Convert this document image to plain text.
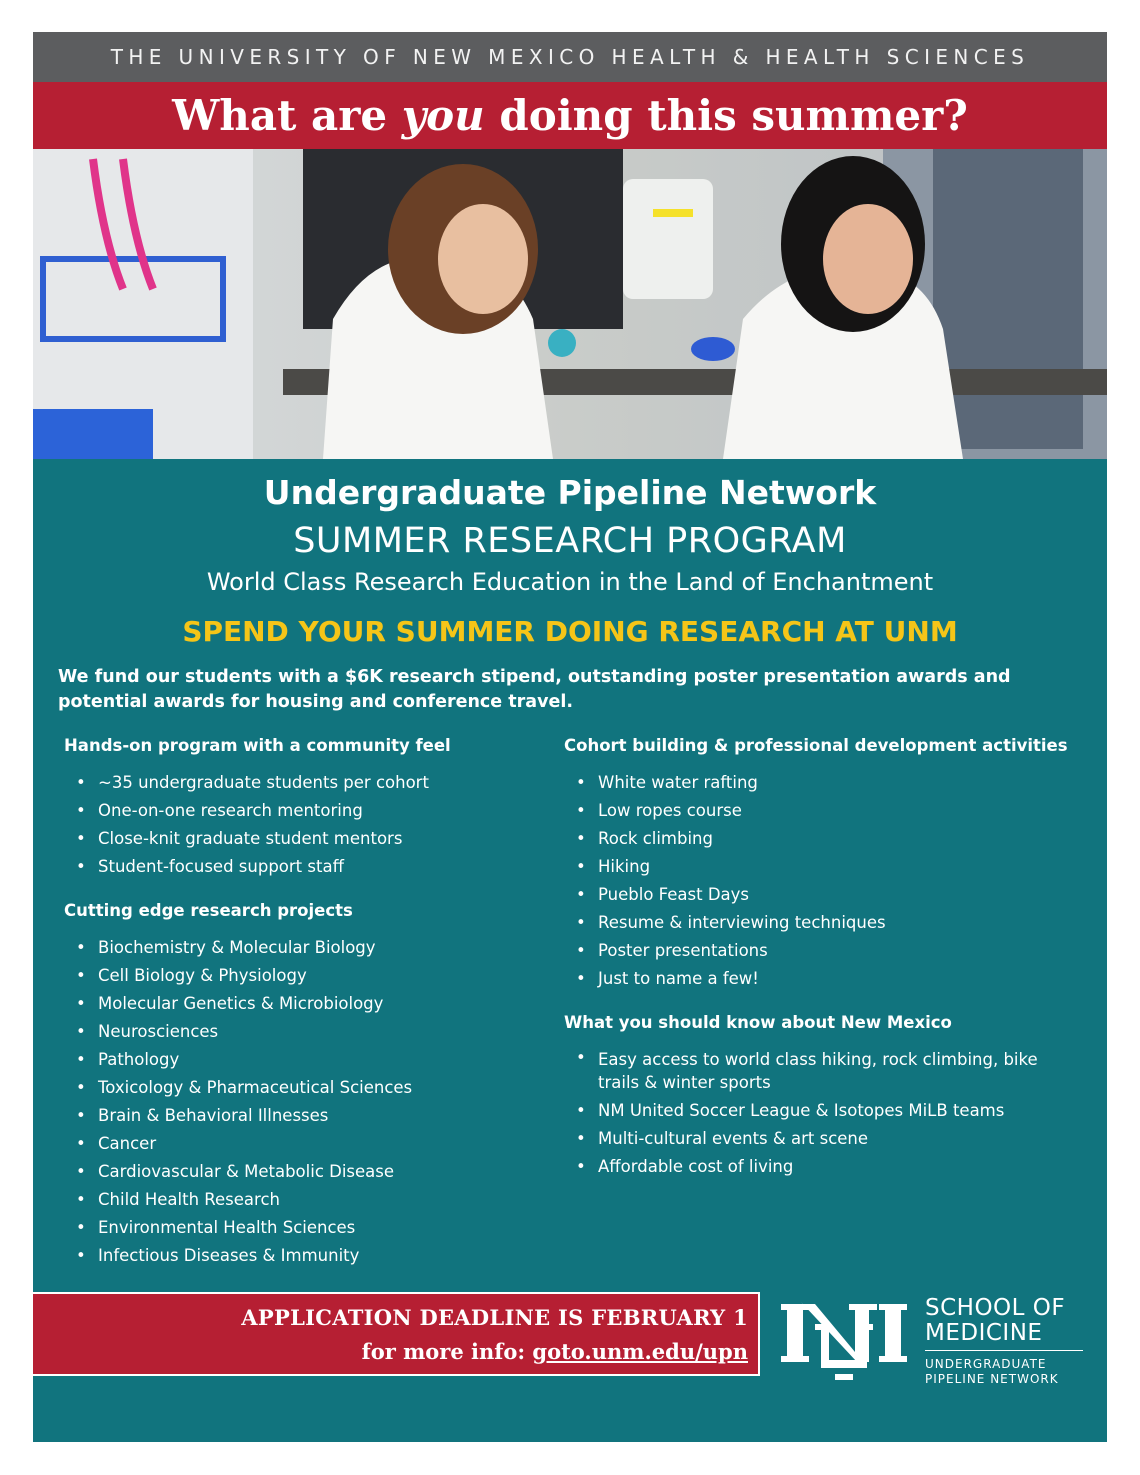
THE UNIVERSITY OF NEW MEXICO HEALTH & HEALTH SCIENCES
What are you doing this summer?
Undergraduate Pipeline Network
SUMMER RESEARCH PROGRAM
World Class Research Education in the Land of Enchantment
SPEND YOUR SUMMER DOING RESEARCH AT UNM
We fund our students with a $6K research stipend, outstanding poster presentation awards and potential awards for housing and conference travel.
Hands-on program with a community feel
• ~35 undergraduate students per cohort
• One-on-one research mentoring
• Close-knit graduate student mentors
• Student-focused support staff
Cutting edge research projects
• Biochemistry & Molecular Biology
• Cell Biology & Physiology
• Molecular Genetics & Microbiology
• Neurosciences
• Pathology
• Toxicology & Pharmaceutical Sciences
• Brain & Behavioral Illnesses
• Cancer
• Cardiovascular & Metabolic Disease
• Child Health Research
• Environmental Health Sciences
• Infectious Diseases & Immunity
Cohort building & professional development activities
• White water rafting
• Low ropes course
• Rock climbing
• Hiking
• Pueblo Feast Days
• Resume & interviewing techniques
• Poster presentations
• Just to name a few!
What you should know about New Mexico
• Easy access to world class hiking, rock climbing, bike trails & winter sports
• NM United Soccer League & Isotopes MiLB teams
• Multi-cultural events & art scene
• Affordable cost of living
APPLICATION DEADLINE IS FEBRUARY 1
for more info: goto.unm.edu/upn
SCHOOL OF
MEDICINE
UNDERGRADUATE
PIPELINE NETWORK
